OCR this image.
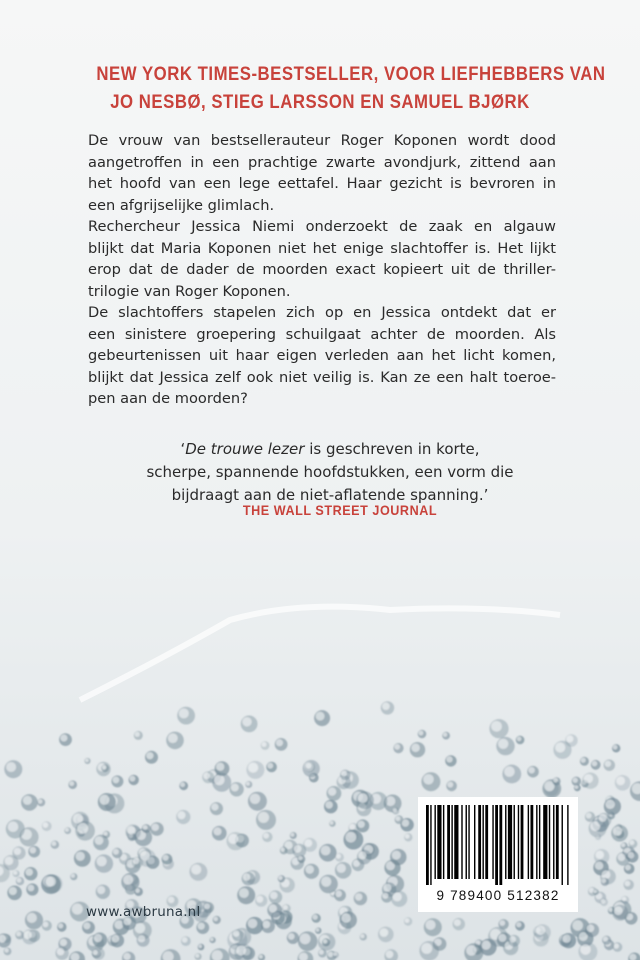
NEW YORK TIMES-BESTSELLER, VOOR LIEFHEBBERS VAN
JO NESBØ, STIEG LARSSON EN SAMUEL BJØRK
De vrouw van bestsellerauteur Roger Koponen wordt dood
aangetroffen in een prachtige zwarte avondjurk, zittend aan
het hoofd van een lege eettafel. Haar gezicht is bevroren in
een afgrijselijke glimlach.
Rechercheur Jessica Niemi onderzoekt de zaak en algauw
blijkt dat Maria Koponen niet het enige slachtoffer is. Het lijkt
erop dat de dader de moorden exact kopieert uit de thriller-
trilogie van Roger Koponen.
De slachtoffers stapelen zich op en Jessica ontdekt dat er
een sinistere groepering schuilgaat achter de moorden. Als
gebeurtenissen uit haar eigen verleden aan het licht komen,
blijkt dat Jessica zelf ook niet veilig is. Kan ze een halt toeroe-
pen aan de moorden?
‘De trouwe lezer is geschreven in korte,
scherpe, spannende hoofdstukken, een vorm die
bijdraagt aan de niet-aflatende spanning.’
THE WALL STREET JOURNAL
www.awbruna.nl
9 789400 512382
